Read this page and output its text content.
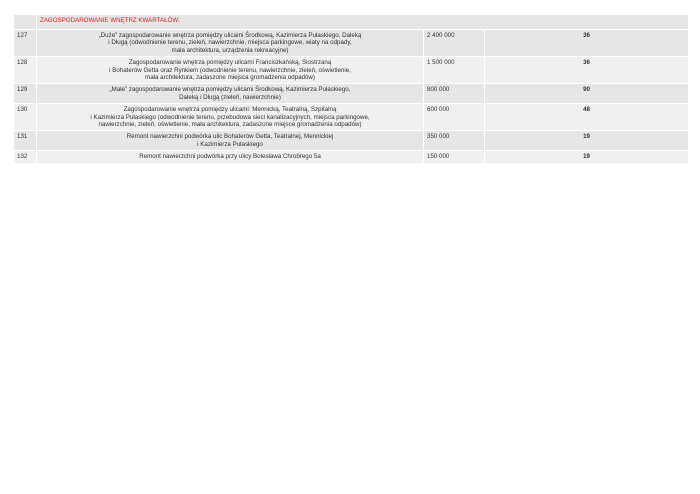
	ZAGOSPODAROWANIE WNĘTRZ KWARTAŁÓW:		
127	„Duże” zagospodarowanie wnętrza pomiędzy ulicami Środkową, Kazimierza Pułaskiego, Daleką
i Długą (odwodnienie terenu, zieleń, nawierzchnie, miejsca parkingowe, wiaty na odpady,
mała architektura, urządzenia rekreacyjne)	2 400 000	36
128	Zagospodarowanie wnętrza pomiędzy ulicami Franciszkańską, Siostrzaną
i Bohaterów Getta oraz Rynkiem (odwodnienie terenu, nawierzchnie, zieleń, oświetlenie,
mała architektura, zadaszone miejsca gromadzenia odpadów)	1 500 000	36
129	„Małe” zagospodarowanie wnętrza pomiędzy ulicami Środkową, Kazimierza Pułaskiego,
Daleką i Długą (zieleń, nawierzchnie)	800 000	90
130	Zagospodarowanie wnętrza pomiędzy ulicami: Mennicką, Teatralną, Szpitalną
i Kazimierza Pułaskiego (odwodnienie terenu, przebudowa sieci kanalizacyjnych, miejsca parkingowe,
nawierzchnie, zieleń, oświetlenie, mała architektura, zadaszone miejsce gromadzenia odpadów)	600 000	48
131	Remont nawierzchni podwórka ulic Bohaterów Getta, Teatralnej, Mennickiej
i Kazimierza Pułaskiego	350 000	19
132	Remont nawierzchni podwórka przy ulicy Bolesława Chrobrego 5a	150 000	19
